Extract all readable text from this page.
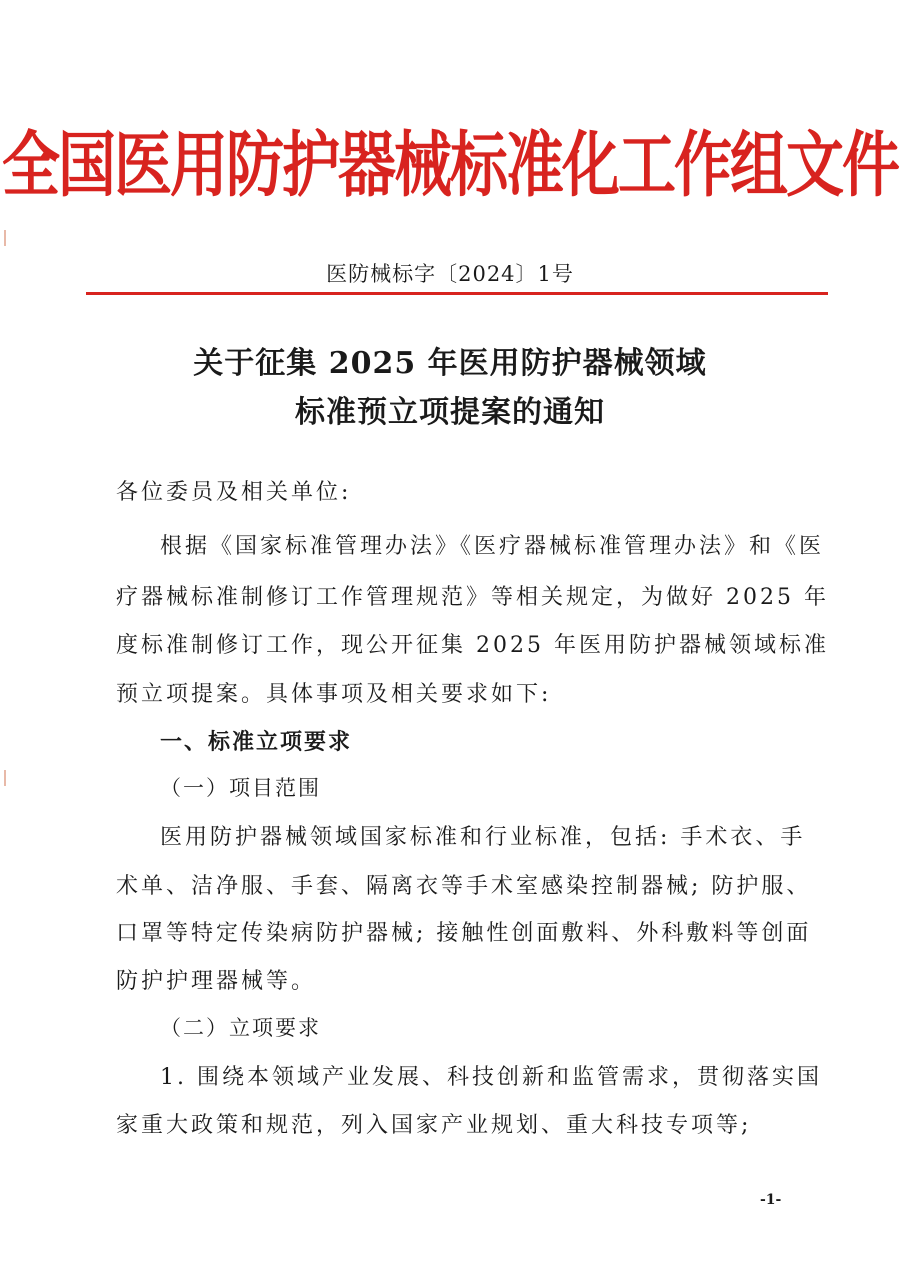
全国医用防护器械标准化工作组文件
医防械标字〔2024〕1号
关于征集 2025 年医用防护器械领域
标准预立项提案的通知
各位委员及相关单位:
根据《国家标准管理办法》《医疗器械标准管理办法》和《医
疗器械标准制修订工作管理规范》等相关规定，为做好 2025 年
度标准制修订工作，现公开征集 2025 年医用防护器械领域标准
预立项提案。具体事项及相关要求如下:
一、标准立项要求
（一）项目范围
医用防护器械领域国家标准和行业标准，包括: 手术衣、手
术单、洁净服、手套、隔离衣等手术室感染控制器械; 防护服、
口罩等特定传染病防护器械; 接触性创面敷料、外科敷料等创面
防护护理器械等。
（二）立项要求
1. 围绕本领域产业发展、科技创新和监管需求，贯彻落实国
家重大政策和规范，列入国家产业规划、重大科技专项等;
-1-
